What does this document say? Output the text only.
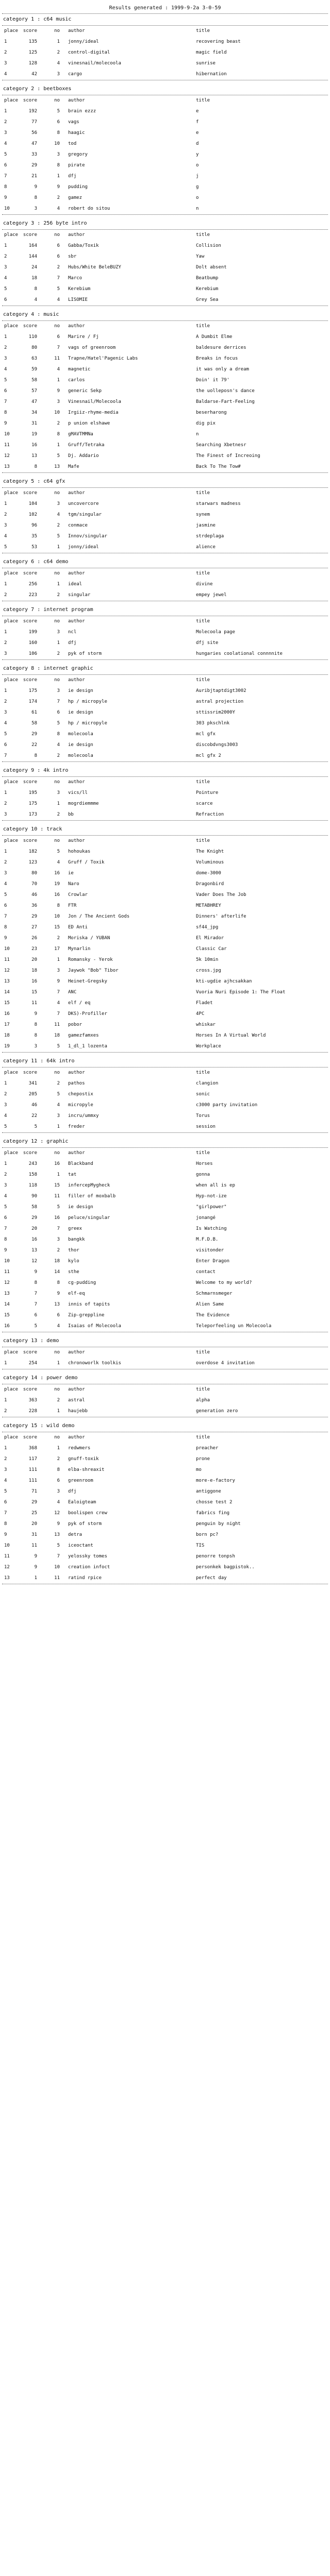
Results generated : 1999-9-2a 3-0-59
category 1 : c64 music
place	score	no author	title
1	135	1 jonny/ideal	recovering beast
2	125	2 control-digital	magic field
3	128	4 vinesnail/molecoola	sunrise
4	42	3 cargo	hibernation
category 2 : beetboxes
place	score	no author	title
1	192	5 brain ezzz	e
2	77	6 vags	f
3	56	8 haagic	e
4	47	10 tod	d
5	33	3 gregory	y
6	29	8 pirate	o
7	21	1 dfj	j
8	9	9 pudding	g
9	8	2 gamez	o
10	3	4 robert do sitou	n
category 3 : 256 byte intro
place	score	no author	title
1	164	6 Gabba/Toxik	Collision
2	144	6 sbr	Yaw
3	24	2 Hubs/White BeleBUZY	Dolt absent
4	18	7 Marco	Beatbump
5	8	5 Kerebium	Kerebium
6	4	4 LISOMIE	Grey Sea
category 4 : music
place	score	no author	title
1	110	6 Marire / Fj	A Dumbit Elme
2	80	7 vags of greenroom	baldesure derrices
3	63	11 Trapne/Hatel'Pagenic Labs	Breaks in focus
4	59	4 magnetic	it was only a dream
5	58	1 carlos	Doin' it 79'
6	57	9 generic Sekp	the uolleposn's dance
7	47	3 Vinesnail/Molecoola	Baldarse-Fart-Feeling
8	34	10 Irgiiz-rhyme-media	beserharong
9	31	2 p union elshawe	dig pix
10	19	8 gMAVTMMNa	n
11	16	1 Gruff/Tetraka	Searching Xbetnesr
12	13	5 Dj. Addario	The Finest of Increoing
13	8	13 Mafe	Back To The Tow#
category 5 : c64 gfx
place	score	no author	title
1	104	3 uncovercore	starwars madness
2	102	4 tgm/singular	synem
3	96	2 conmace	jasmine
4	35	5 Innov/singular	strdeplaga
5	53	1 jonny/ideal	alience
category 6 : c64 demo
place	score	no author	title
1	256	1 ideal	divine
2	223	2 singular	empey jewel
category 7 : internet program
place	score	no author	title
1	199	3 ncl	Molecoola page
2	160	1 dfj	dfj site
3	106	2 pyk of storm	hungaries coolational connnnite
category 8 : internet graphic
place	score	no author	title
1	175	3 ie design	Auribjtaptdigt3002
2	174	7 hp / micropyle	astral projection
3	61	6 ie design	sttissrim2000Y
4	58	5 hp / micropyle	303 pkschlnk
5	29	8 molecoola	mcl gfx
6	22	4 ie design	discobdvngs3003
7	8	2 molecoola	mcl gfx 2
category 9 : 4k intro
place	score	no author	title
1	195	3 vics/ll	Pointure
2	175	1 mogrdiemmme	scarce
3	173	2 bb	Refraction
category 10 : track
place	score	no author	title
1	182	5 hohoukas	The Knight
2	123	4 Gruff / Toxik	Voluminous
3	80	16 ie	dome-3000
4	70	19 Naro	Dragonbird
5	46	16 Crowlar	Vader Does The Job
6	36	8 FTR	METABHREY
7	29	10 Jon / The Ancient Gods	Dinners' afterlife
8	27	15 ED Anti	sf44_jpg
9	26	2 Moriska / YUBAN	El Mirador
10	23	17 Mynarlin	Classic Car
11	20	1 Romansky - Yerok	5k 10min
12	18	3 Jaywok "Bob" Tibor	cross.jpg
13	16	9 Heinet-Gregsky	kti-ugdie ajhcsakkan
14	15	7 ANC	Vuoria Nuri Episode 1: The Float
15	11	4 elf / eq	Fladet
16	9	7 DKS)-Profiller	4PC
17	8	11 pobor	whiskar
18	8	18 gamezfamxes	Horses In A Virtual World
19	3	5 1_dl_1 lozenta	Workplace
category 11 : 64k intro
place	score	no author	title
1	341	2 pathos	clangion
2	205	5 chepostix	sonic
3	46	4 micropyle	c3000 party invitation
4	22	3 incru/ummxy	Torus
5	5	1 freder	session
category 12 : graphic
place	score	no author	title
1	243	16 Blackband	Horses
2	158	1 tat	gonna
3	118	15 infercepMygheck	when all is ep
4	90	11 filler of moxbalb	Hyp-not-ize
5	58	5 ie design	"girlpower"
6	29	16 peluce/singular	jonangé
7	20	7 greex	Is Watching
8	16	3 bangkk	M.F.D.B.
9	13	2 thor	visitonder
10	12	18 kylo	Enter Dragon
11	9	14 sthe	contact
12	8	8 cg-pudding	Welcome to my world?
13	7	9 elf-eq	Schmarnsmeger
14	7	13 innis of tapits	Alien Same
15	6	6 Zip-greppline	The Evidence
16	5	4 Isaias of Molecoola	Teleporfeeling un Molecoola
category 13 : demo
place	score	no author	title
1	254	1 chronoworlk toolkis	overdose 4 invitation
category 14 : power demo
place	score	no author	title
1	363	2 astral	alpha
2	228	1 haujebb	generation zero
category 15 : wild demo
place	score	no author	title
1	368	1 redwmers	preacher
2	117	2 gnuff-toxik	prone
3	111	8 elba-shreaxit	mo
4	111	6 greenroom	more-e-factory
5	71	3 dfj	antiggone
6	29	4 Ealoigteam	chosse test 2
7	25	12 boolispen crew	fabrics fing
8	20	9 pyk of storm	penguin by night
9	31	13 detra	born pc?
10	11	5 iceoctant	TIS
11	9	7 yelossky tomes	penorre tonpsh
12	9	10 creation infoct	personkek bagpistok..
13	1	11 ratind rpice	perfect day
